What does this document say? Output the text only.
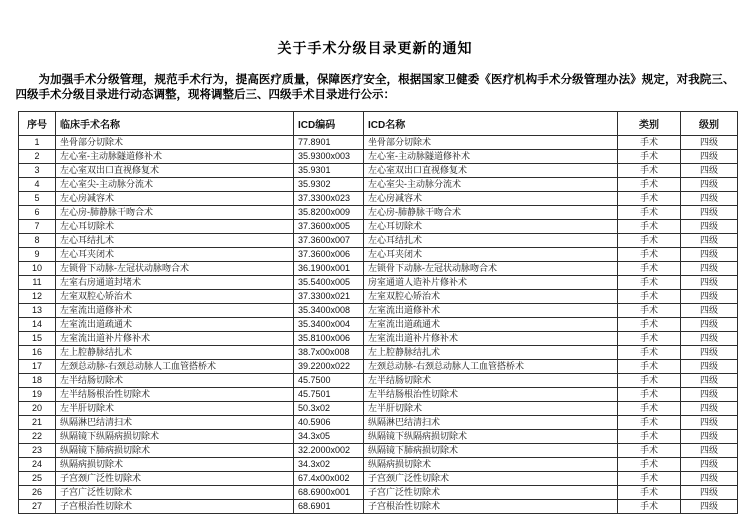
关于手术分级目录更新的通知

为加强手术分级管理，规范手术行为，提高医疗质量，保障医疗安全，根据国家卫健委《医疗机构手术分级管理办法》规定，对我院三、四级手术分级目录进行动态调整，现将调整后三、四级手术目录进行公示：

序号	临床手术名称	ICD编码	ICD名称	类别	级别
1	坐骨部分切除术	77.8901	坐骨部分切除术	手术	四级
2	左心室-主动脉隧道修补术	35.9300x003	左心室-主动脉隧道修补术	手术	四级
3	左心室双出口直视修复术	35.9301	左心室双出口直视修复术	手术	四级
4	左心室尖-主动脉分流术	35.9302	左心室尖-主动脉分流术	手术	四级
5	左心房减容术	37.3300x023	左心房减容术	手术	四级
6	左心房-肺静脉干吻合术	35.8200x009	左心房-肺静脉干吻合术	手术	四级
7	左心耳切除术	37.3600x005	左心耳切除术	手术	四级
8	左心耳结扎术	37.3600x007	左心耳结扎术	手术	四级
9	左心耳夹闭术	37.3600x006	左心耳夹闭术	手术	四级
10	左锁骨下动脉-左冠状动脉吻合术	36.1900x001	左锁骨下动脉-左冠状动脉吻合术	手术	四级
11	左室右房通道封堵术	35.5400x005	房室通道人造补片修补术	手术	四级
12	左室双腔心矫治术	37.3300x021	左室双腔心矫治术	手术	四级
13	左室流出道修补术	35.3400x008	左室流出道修补术	手术	四级
14	左室流出道疏通术	35.3400x004	左室流出道疏通术	手术	四级
15	左室流出道补片修补术	35.8100x006	左室流出道补片修补术	手术	四级
16	左上腔静脉结扎术	38.7x00x008	左上腔静脉结扎术	手术	四级
17	左颈总动脉-右颈总动脉人工血管搭桥术	39.2200x022	左颈总动脉-右颈总动脉人工血管搭桥术	手术	四级
18	左半结肠切除术	45.7500	左半结肠切除术	手术	四级
19	左半结肠根治性切除术	45.7501	左半结肠根治性切除术	手术	四级
20	左半肝切除术	50.3x02	左半肝切除术	手术	四级
21	纵隔淋巴结清扫术	40.5906	纵隔淋巴结清扫术	手术	四级
22	纵隔镜下纵隔病损切除术	34.3x05	纵隔镜下纵隔病损切除术	手术	四级
23	纵隔镜下肺病损切除术	32.2000x002	纵隔镜下肺病损切除术	手术	四级
24	纵隔病损切除术	34.3x02	纵隔病损切除术	手术	四级
25	子宫颈广泛性切除术	67.4x00x002	子宫颈广泛性切除术	手术	四级
26	子宫广泛性切除术	68.6900x001	子宫广泛性切除术	手术	四级
27	子宫根治性切除术	68.6901	子宫根治性切除术	手术	四级
